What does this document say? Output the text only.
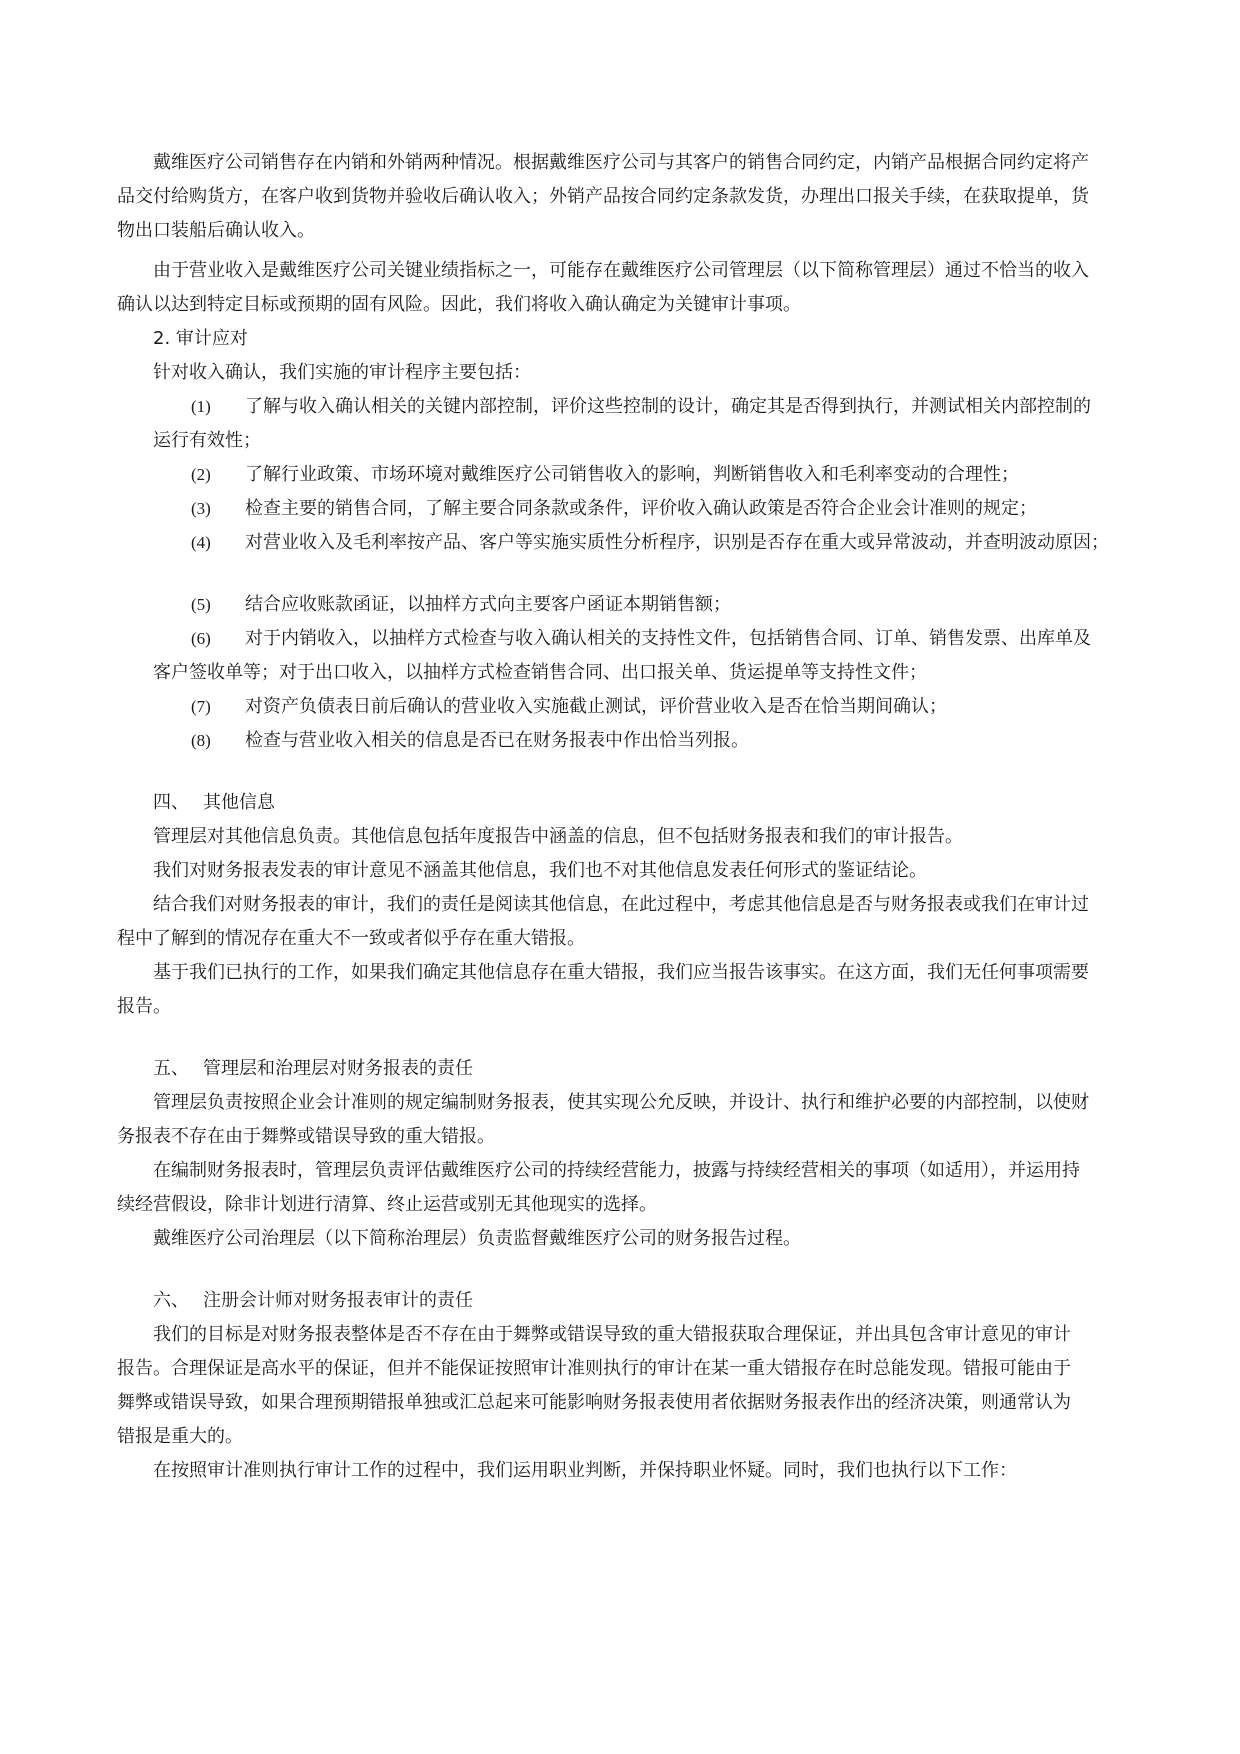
戴维医疗公司销售存在内销和外销两种情况。根据戴维医疗公司与其客户的销售合同约定，内销产品根据合同约定将产
品交付给购货方，在客户收到货物并验收后确认收入；外销产品按合同约定条款发货，办理出口报关手续，在获取提单，货
物出口装船后确认收入。
由于营业收入是戴维医疗公司关键业绩指标之一，可能存在戴维医疗公司管理层（以下简称管理层）通过不恰当的收入
确认以达到特定目标或预期的固有风险。因此，我们将收入确认确定为关键审计事项。
2. 审计应对
针对收入确认，我们实施的审计程序主要包括：
(1) 了解与收入确认相关的关键内部控制，评价这些控制的设计，确定其是否得到执行，并测试相关内部控制的
运行有效性；
(2) 了解行业政策、市场环境对戴维医疗公司销售收入的影响，判断销售收入和毛利率变动的合理性；
(3) 检查主要的销售合同，了解主要合同条款或条件，评价收入确认政策是否符合企业会计准则的规定；
(4) 对营业收入及毛利率按产品、客户等实施实质性分析程序，识别是否存在重大或异常波动，并查明波动原因；
(5) 结合应收账款函证，以抽样方式向主要客户函证本期销售额；
(6) 对于内销收入，以抽样方式检查与收入确认相关的支持性文件，包括销售合同、订单、销售发票、出库单及
客户签收单等；对于出口收入，以抽样方式检查销售合同、出口报关单、货运提单等支持性文件；
(7) 对资产负债表日前后确认的营业收入实施截止测试，评价营业收入是否在恰当期间确认；
(8) 检查与营业收入相关的信息是否已在财务报表中作出恰当列报。
四、 其他信息
管理层对其他信息负责。其他信息包括年度报告中涵盖的信息，但不包括财务报表和我们的审计报告。
我们对财务报表发表的审计意见不涵盖其他信息，我们也不对其他信息发表任何形式的鉴证结论。
结合我们对财务报表的审计，我们的责任是阅读其他信息，在此过程中，考虑其他信息是否与财务报表或我们在审计过
程中了解到的情况存在重大不一致或者似乎存在重大错报。
基于我们已执行的工作，如果我们确定其他信息存在重大错报，我们应当报告该事实。在这方面，我们无任何事项需要
报告。
五、 管理层和治理层对财务报表的责任
管理层负责按照企业会计准则的规定编制财务报表，使其实现公允反映，并设计、执行和维护必要的内部控制，以使财
务报表不存在由于舞弊或错误导致的重大错报。
在编制财务报表时，管理层负责评估戴维医疗公司的持续经营能力，披露与持续经营相关的事项（如适用），并运用持
续经营假设，除非计划进行清算、终止运营或别无其他现实的选择。
戴维医疗公司治理层（以下简称治理层）负责监督戴维医疗公司的财务报告过程。
六、 注册会计师对财务报表审计的责任
我们的目标是对财务报表整体是否不存在由于舞弊或错误导致的重大错报获取合理保证，并出具包含审计意见的审计
报告。合理保证是高水平的保证，但并不能保证按照审计准则执行的审计在某一重大错报存在时总能发现。错报可能由于
舞弊或错误导致，如果合理预期错报单独或汇总起来可能影响财务报表使用者依据财务报表作出的经济决策，则通常认为
错报是重大的。
在按照审计准则执行审计工作的过程中，我们运用职业判断，并保持职业怀疑。同时，我们也执行以下工作：
